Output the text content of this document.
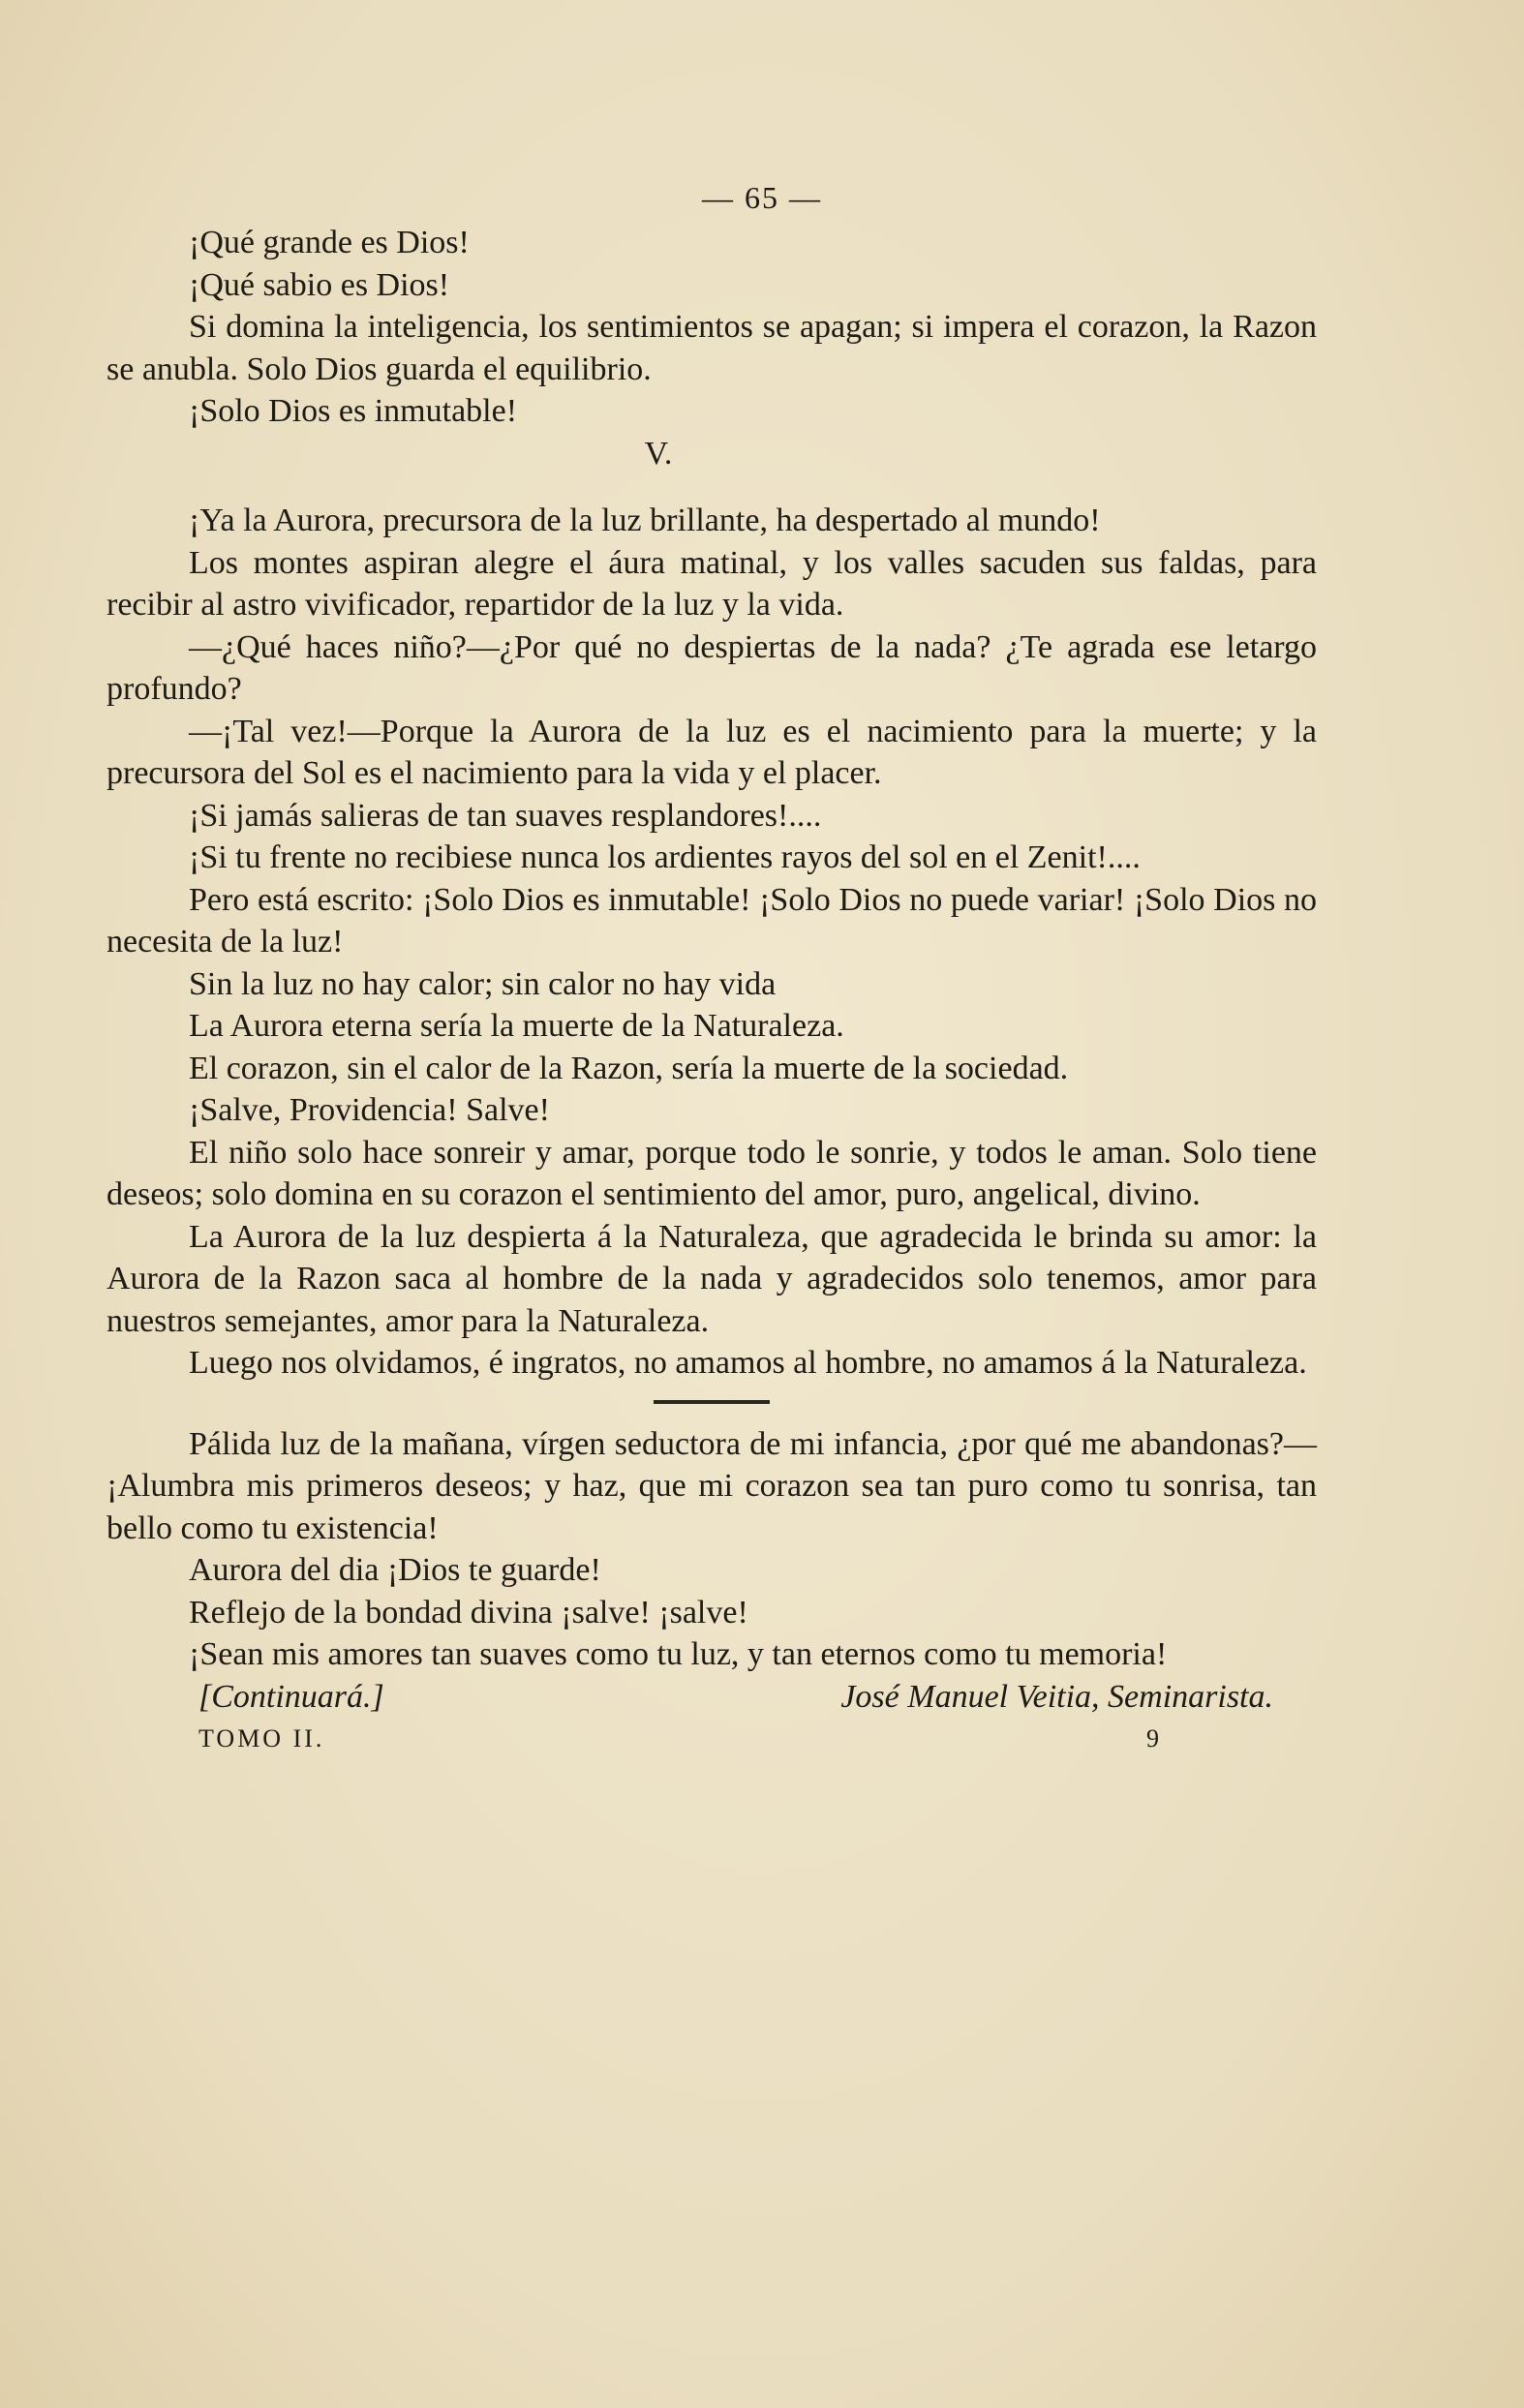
— 65 —
¡Qué grande es Dios!
¡Qué sabio es Dios!
Si domina la inteligencia, los sentimientos se apagan; si impera el corazon, la Razon se anubla. Solo Dios guarda el equilibrio.
¡Solo Dios es inmutable!
V.
¡Ya la Aurora, precursora de la luz brillante, ha despertado al mundo!
Los montes aspiran alegre el áura matinal, y los valles sacuden sus faldas, para recibir al astro vivificador, repartidor de la luz y la vida.
—¿Qué haces niño?—¿Por qué no despiertas de la nada? ¿Te agrada ese letargo profundo?
—¡Tal vez!—Porque la Aurora de la luz es el nacimiento para la muerte; y la precursora del Sol es el nacimiento para la vida y el placer.
¡Si jamás salieras de tan suaves resplandores!....
¡Si tu frente no recibiese nunca los ardientes rayos del sol en el Zenit!....
Pero está escrito: ¡Solo Dios es inmutable! ¡Solo Dios no puede variar! ¡Solo Dios no necesita de la luz!
Sin la luz no hay calor; sin calor no hay vida
La Aurora eterna sería la muerte de la Naturaleza.
El corazon, sin el calor de la Razon, sería la muerte de la sociedad.
¡Salve, Providencia! Salve!
El niño solo hace sonreir y amar, porque todo le sonrie, y todos le aman. Solo tiene deseos; solo domina en su corazon el sentimiento del amor, puro, angelical, divino.
La Aurora de la luz despierta á la Naturaleza, que agradecida le brinda su amor: la Aurora de la Razon saca al hombre de la nada y agradecidos solo tenemos, amor para nuestros semejantes, amor para la Naturaleza.
Luego nos olvidamos, é ingratos, no amamos al hombre, no amamos á la Naturaleza.
Pálida luz de la mañana, vírgen seductora de mi infancia, ¿por qué me abandonas?—¡Alumbra mis primeros deseos; y haz, que mi corazon sea tan puro como tu sonrisa, tan bello como tu existencia!
Aurora del dia ¡Dios te guarde!
Reflejo de la bondad divina ¡salve! ¡salve!
¡Sean mis amores tan suaves como tu luz, y tan eternos como tu memoria!
[Continuará.]	José Manuel Veitia, Seminarista.
TOMO II.	9
